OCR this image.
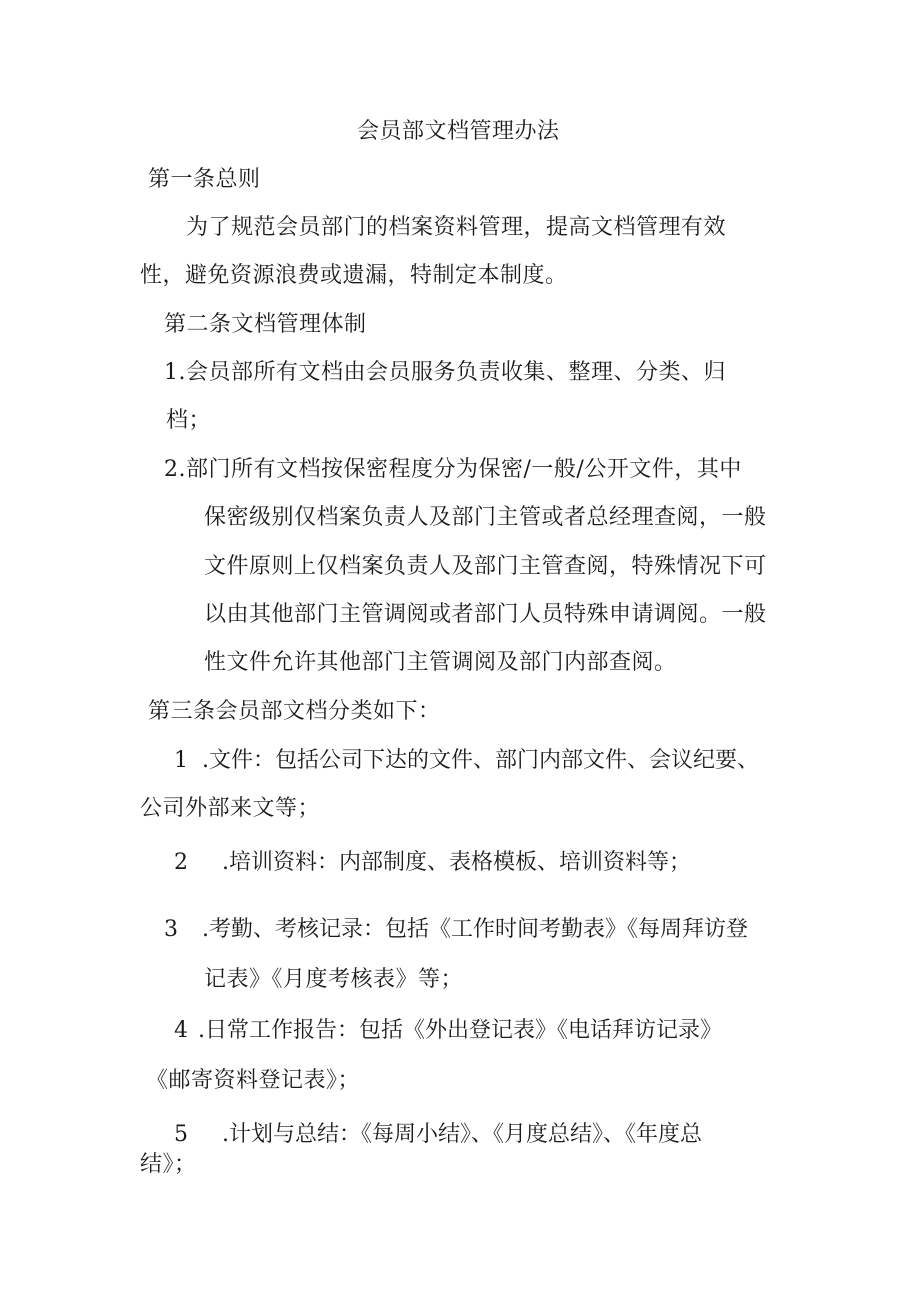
会员部文档管理办法
第一条总则
为了规范会员部门的档案资料管理，提高文档管理有效
性，避免资源浪费或遗漏，特制定本制度。
第二条文档管理体制
1.会员部所有文档由会员服务负责收集、整理、分类、归
档；
2.部门所有文档按保密程度分为保密/一般/公开文件，其中
保密级别仅档案负责人及部门主管或者总经理查阅，一般
文件原则上仅档案负责人及部门主管查阅，特殊情况下可
以由其他部门主管调阅或者部门人员特殊申请调阅。一般
性文件允许其他部门主管调阅及部门内部查阅。
第三条会员部文档分类如下：
1 .文件：包括公司下达的文件、部门内部文件、会议纪要、
公司外部来文等；
2 .培训资料：内部制度、表格模板、培训资料等；
3 .考勤、考核记录：包括《工作时间考勤表》《每周拜访登
记表》《月度考核表》等；
4 .日常工作报告：包括《外出登记表》《电话拜访记录》
《邮寄资料登记表》；
5 .计划与总结：《每周小结》、《月度总结》、《年度总
结》；
